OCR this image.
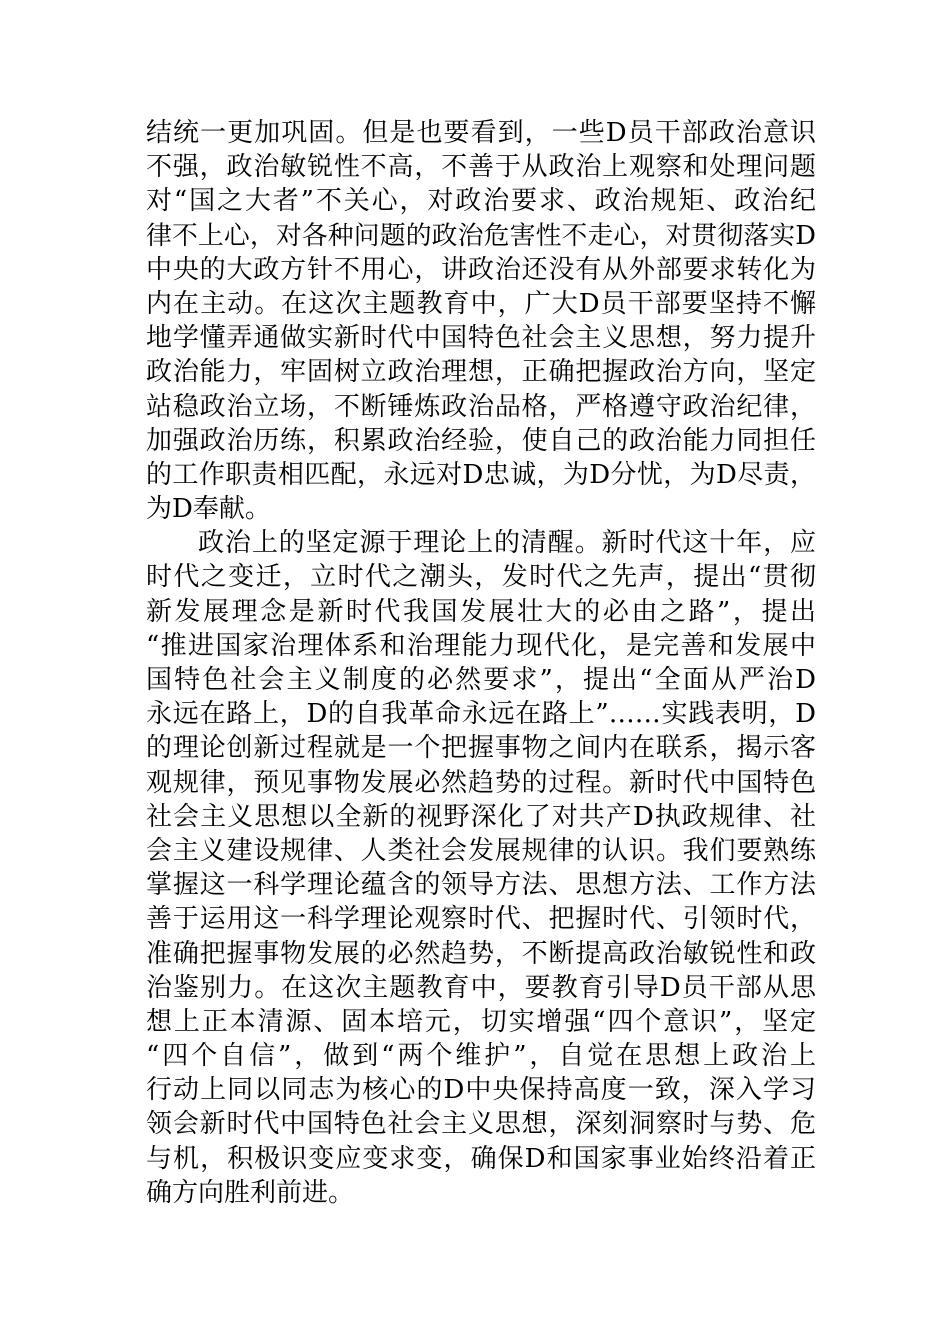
结统一更加巩固。但是也要看到，一些D员干部政治意识
不强，政治敏锐性不高，不善于从政治上观察和处理问题
对“国之大者”不关心，对政治要求、政治规矩、政治纪
律不上心，对各种问题的政治危害性不走心，对贯彻落实D
中央的大政方针不用心，讲政治还没有从外部要求转化为
内在主动。在这次主题教育中，广大D员干部要坚持不懈
地学懂弄通做实新时代中国特色社会主义思想，努力提升
政治能力，牢固树立政治理想，正确把握政治方向，坚定
站稳政治立场，不断锤炼政治品格，严格遵守政治纪律，
加强政治历练，积累政治经验，使自己的政治能力同担任
的工作职责相匹配，永远对D忠诚，为D分忧，为D尽责，
为D奉献。
政治上的坚定源于理论上的清醒。新时代这十年，应
时代之变迁，立时代之潮头，发时代之先声，提出“贯彻
新发展理念是新时代我国发展壮大的必由之路”，提出
“推进国家治理体系和治理能力现代化，是完善和发展中
国特色社会主义制度的必然要求”，提出“全面从严治D
永远在路上，D的自我革命永远在路上”……实践表明，D
的理论创新过程就是一个把握事物之间内在联系，揭示客
观规律，预见事物发展必然趋势的过程。新时代中国特色
社会主义思想以全新的视野深化了对共产D执政规律、社
会主义建设规律、人类社会发展规律的认识。我们要熟练
掌握这一科学理论蕴含的领导方法、思想方法、工作方法
善于运用这一科学理论观察时代、把握时代、引领时代，
准确把握事物发展的必然趋势，不断提高政治敏锐性和政
治鉴别力。在这次主题教育中，要教育引导D员干部从思
想上正本清源、固本培元，切实增强“四个意识”，坚定
“四个自信”，做到“两个维护”，自觉在思想上政治上
行动上同以同志为核心的D中央保持高度一致，深入学习
领会新时代中国特色社会主义思想，深刻洞察时与势、危
与机，积极识变应变求变，确保D和国家事业始终沿着正
确方向胜利前进。
